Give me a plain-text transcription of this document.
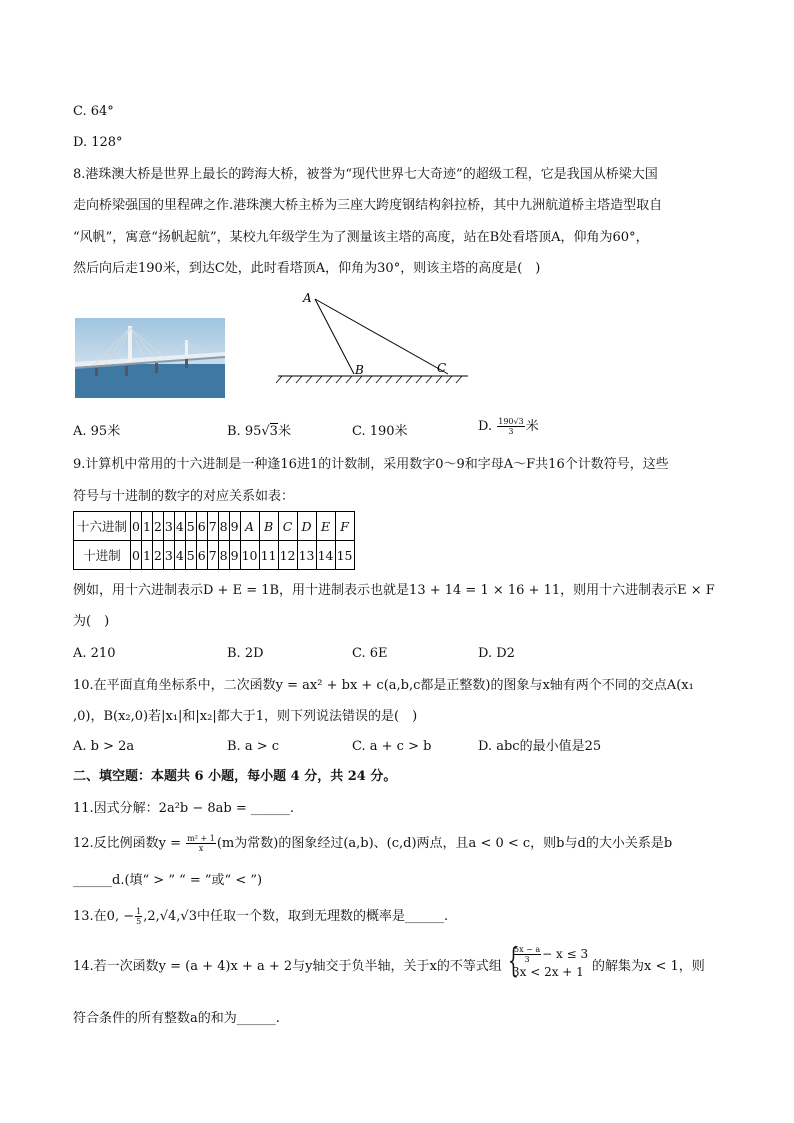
C. 64°
D. 128°
8.港珠澳大桥是世界上最长的跨海大桥，被誉为“现代世界七大奇迹”的超级工程，它是我国从桥梁大国
走向桥梁强国的里程碑之作.港珠澳大桥主桥为三座大跨度钢结构斜拉桥，其中九洲航道桥主塔造型取自
“风帆”，寓意“扬帆起航”，某校九年级学生为了测量该主塔的高度，站在B处看塔顶A，仰角为60°，
然后向后走190米，到达C处，此时看塔顶A，仰角为30°，则该主塔的高度是(　)
A
B	C
A. 95米	B. 95√3米	C. 190米	D. $\frac{190√3}{3}$ 米
9.计算机中常用的十六进制是一种逢16进1的计数制，采用数字0～9和字母A～F共16个计数符号，这些
符号与十进制的数字的对应关系如表：
十六进制	0	1	2	3	4	5	6	7	8	9	A	B	C	D	E	F
十进制	0	1	2	3	4	5	6	7	8	9	10	11	12	13	14	15
例如，用十六进制表示D + E = 1B，用十进制表示也就是13 + 14 = 1 × 16 + 11，则用十六进制表示E × F
为(　)
A. 210	B. 2D	C. 6E	D. D2
10.在平面直角坐标系中，二次函数y = ax² + bx + c(a,b,c都是正整数)的图象与x轴有两个不同的交点A(x₁
,0)，B(x₂,0)若|x₁|和|x₂|都大于1，则下列说法错误的是(　)
A. b > 2a	B. a > c	C. a + c > b	D. abc的最小值是25
二、填空题：本题共 6 小题，每小题 4 分，共 24 分。
11.因式分解：2a²b − 8ab = ______.
12.反比例函数$y = \frac{\text{m² + 1}}{x} (m$为常数)的图象经过(a,b)、(c,d)两点，且a < 0 < c，则b与d的大小关系是b
______d.(填“ > ” “ = ”或“ < ”)
13.在0, − $\frac{1}{5} ,2,√4,√3$中任取一个数，取到无理数的概率是______.
14.若一次函数y = (a + 4)x + a + 2与y轴交于负半轴，关于x的不等式组 {
$\frac{5x - a}{3} - x \le 3$
3x < 2x + 1 的解集为x < 1，则
符合条件的所有整数a的和为______.
